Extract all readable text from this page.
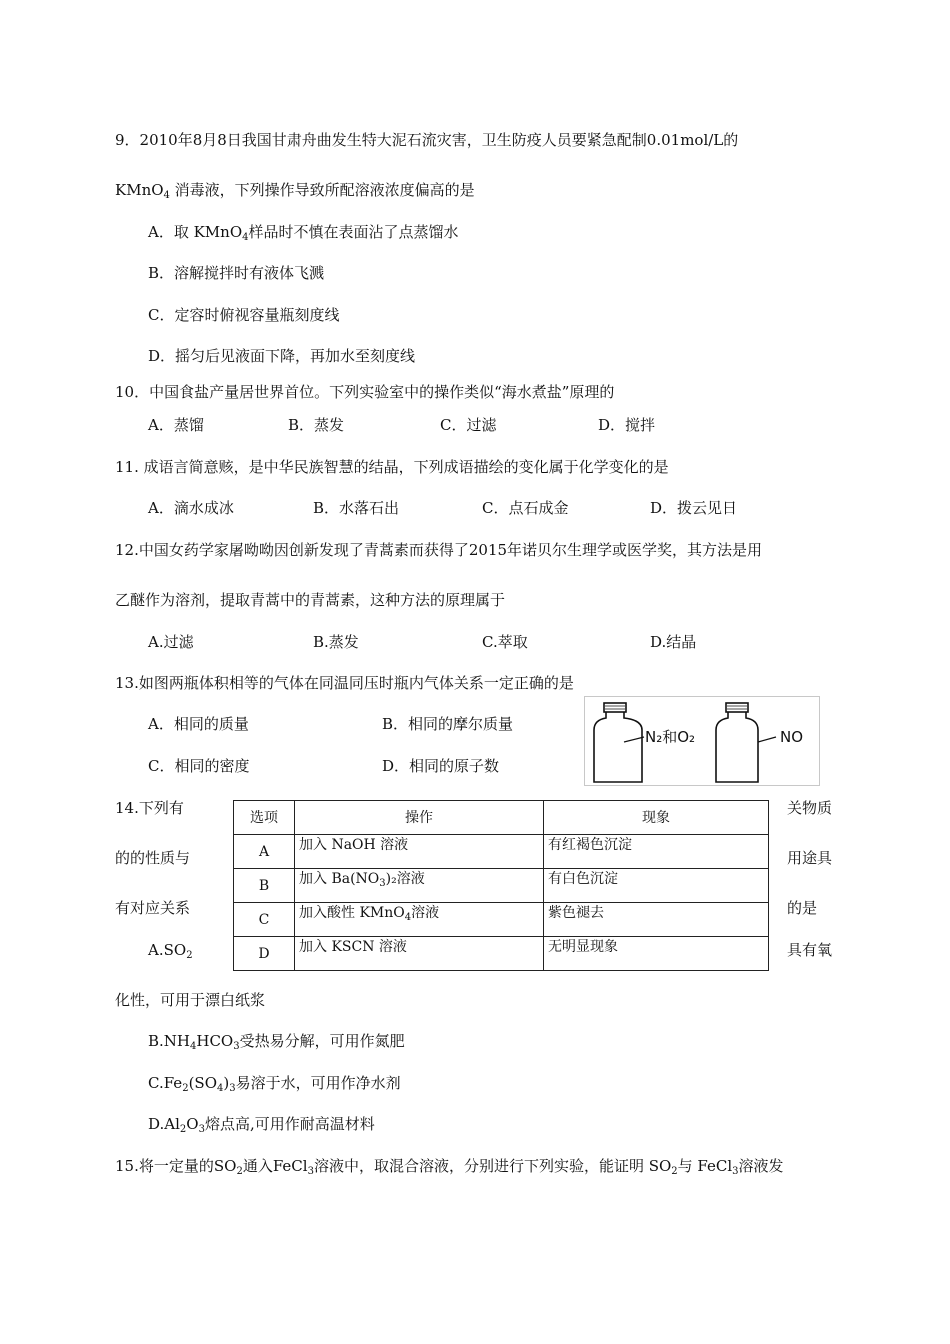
9．2010年8月8日我国甘肃舟曲发生特大泥石流灾害，卫生防疫人员要紧急配制0.01mol/L的
KMnO$_4$ 消毒液，下列操作导致所配溶液浓度偏高的是
A．取 KMnO$_4$样品时不慎在表面沾了点蒸馏水
B．溶解搅拌时有液体飞溅
C．定容时俯视容量瓶刻度线
D．摇匀后见液面下降，再加水至刻度线
10．中国食盐产量居世界首位。下列实验室中的操作类似“海水煮盐”原理的
A．蒸馏	B．蒸发	C．过滤	D．搅拌
11. 成语言简意赅，是中华民族智慧的结晶，下列成语描绘的变化属于化学变化的是
A．滴水成冰	B．水落石出	C．点石成金	D．拨云见日
12.中国女药学家屠呦呦因创新发现了青蒿素而获得了2015年诺贝尔生理学或医学奖，其方法是用
乙醚作为溶剂，提取青蒿中的青蒿素，这种方法的原理属于
A.过滤	B.蒸发	C.萃取	D.结晶
13.如图两瓶体积相等的气体在同温同压时瓶内气体关系一定正确的是
A．相同的质量	B．相同的摩尔质量
C．相同的密度	D．相同的原子数
N₂和O₂	NO
14.下列有
的的性质与
有对应关系
$A.SO_2$
关物质
用途具
的是
具有氧
选项	操作	现象
A	加入 NaOH 溶液	有红褐色沉淀
B	加入 $Ba(NO_3)_2$溶液	有白色沉淀
C	加入酸性 KMnO$_4$溶液	紫色褪去
D	加入 KSCN 溶液	无明显现象
化性，可用于漂白纸浆
$B.NH_4HCO_3$受热易分解，可用作氮肥
$C.Fe_2(SO_4)_3$易溶于水，可用作净水剂
$D.Al_2O_3$熔点高,可用作耐高温材料
15.将一定量的$SO_2$通入FeCl$_3$溶液中，取混合溶液，分别进行下列实验，能证明 $SO_2$与 FeCl$_3$溶液发
